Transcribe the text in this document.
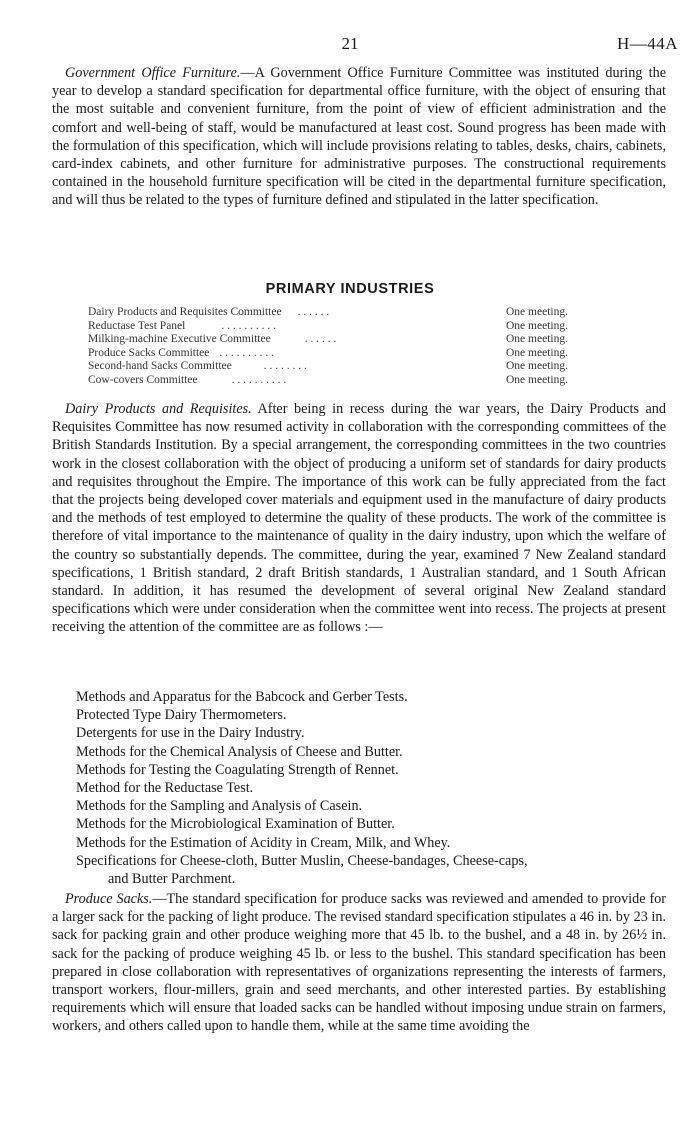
21	H—44A

Government Office Furniture.—A Government Office Furniture Committee was instituted during the year to develop a standard specification for departmental office furniture, with the object of ensuring that the most suitable and convenient furniture, from the point of view of efficient administration and the comfort and well-being of staff, would be manufactured at least cost. Sound progress has been made with the formulation of this specification, which will include provisions relating to tables, desks, chairs, cabinets, card-index cabinets, and other furniture for administrative purposes. The constructional requirements contained in the household furniture specification will be cited in the departmental furniture specification, and will thus be related to the types of furniture defined and stipulated in the latter specification.

PRIMARY INDUSTRIES
Dairy Products and Requisites Committee . . . . . .	One meeting.
Reductase Test Panel	. . . . . . . . . .	One meeting.
Milking-machine Executive Committee	. . . . . .	One meeting.
Produce Sacks Committee . . . . . . . . . .	One meeting.
Second-hand Sacks Committee	. . . . . . . .	One meeting.
Cow-covers Committee	. . . . . . . . . .	One meeting.

Dairy Products and Requisites. After being in recess during the war years, the Dairy Products and Requisites Committee has now resumed activity in collaboration with the corresponding committees of the British Standards Institution. By a special arrangement, the corresponding committees in the two countries work in the closest collaboration with the object of producing a uniform set of standards for dairy products and requisites throughout the Empire. The importance of this work can be fully appreciated from the fact that the projects being developed cover materials and equipment used in the manufacture of dairy products and the methods of test employed to determine the quality of these products. The work of the committee is therefore of vital importance to the maintenance of quality in the dairy industry, upon which the welfare of the country so substantially depends. The committee, during the year, examined 7 New Zealand standard specifications, 1 British standard, 2 draft British standards, 1 Australian standard, and 1 South African standard. In addition, it has resumed the development of several original New Zealand standard specifications which were under consideration when the committee went into recess. The projects at present receiving the attention of the committee are as follows :—

Methods and Apparatus for the Babcock and Gerber Tests.

Protected Type Dairy Thermometers.

Detergents for use in the Dairy Industry.

Methods for the Chemical Analysis of Cheese and Butter.

Methods for Testing the Coagulating Strength of Rennet.

Method for the Reductase Test.

Methods for the Sampling and Analysis of Casein.

Methods for the Microbiological Examination of Butter.

Methods for the Estimation of Acidity in Cream, Milk, and Whey.

Specifications for Cheese-cloth, Butter Muslin, Cheese-bandages, Cheese-caps,

and Butter Parchment.

Produce Sacks.—The standard specification for produce sacks was reviewed and amended to provide for a larger sack for the packing of light produce. The revised standard specification stipulates a 46 in. by 23 in. sack for packing grain and other produce weighing more that 45 lb. to the bushel, and a 48 in. by 26½ in. sack for the packing of produce weighing 45 lb. or less to the bushel. This standard specification has been prepared in close collaboration with representatives of organizations representing the interests of farmers, transport workers, flour-millers, grain and seed merchants, and other interested parties. By establishing requirements which will ensure that loaded sacks can be handled without imposing undue strain on farmers, workers, and others called upon to handle them, while at the same time avoiding the
